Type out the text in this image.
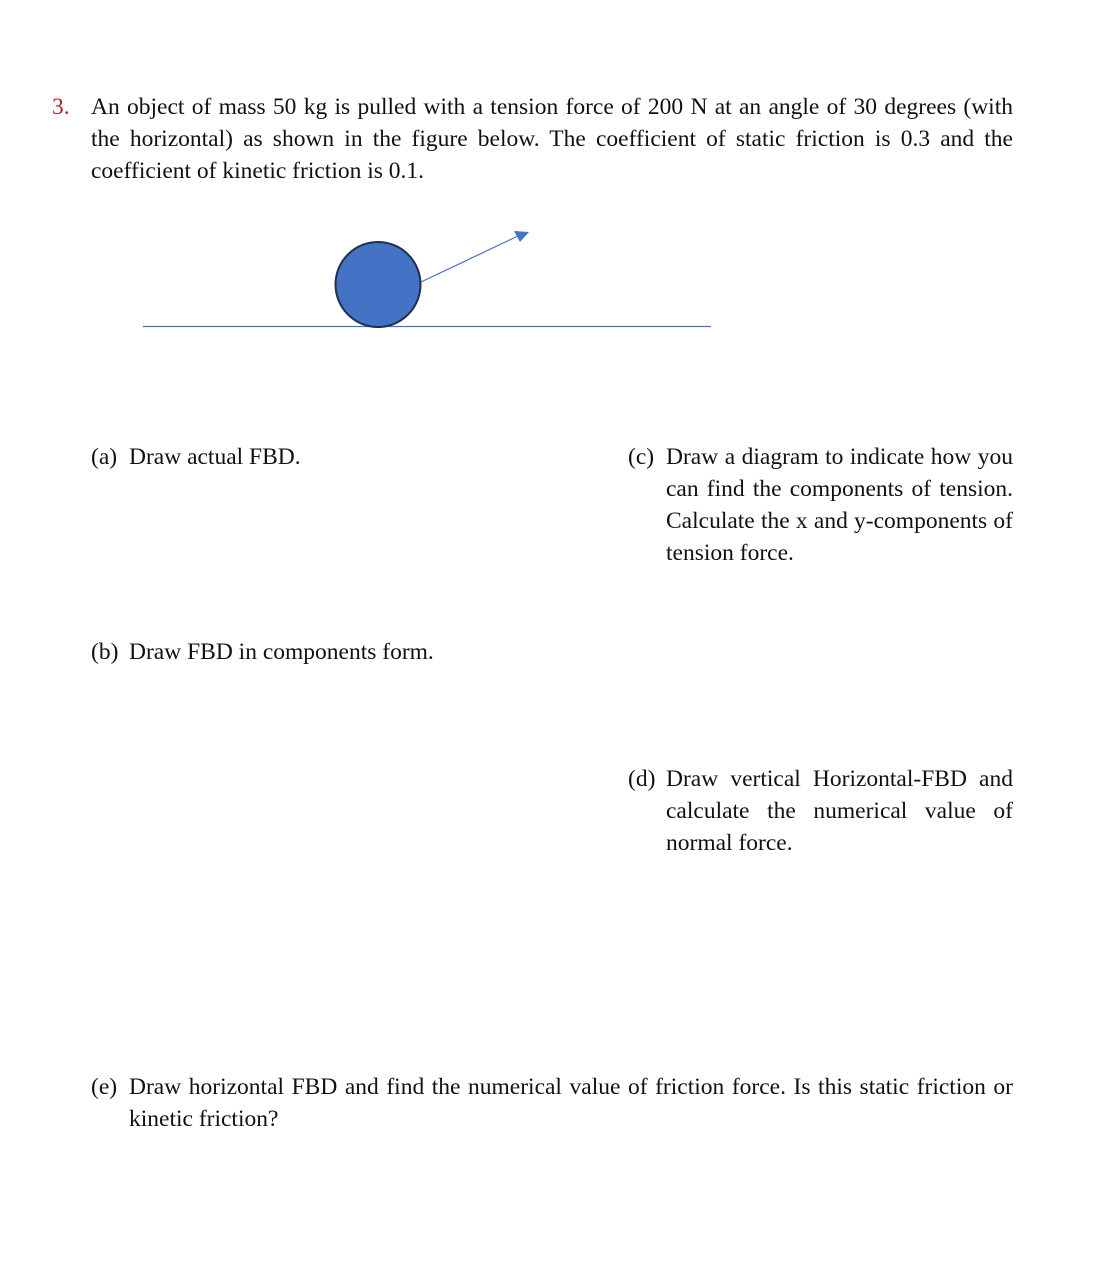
3. An object of mass 50 kg is pulled with a tension force of 200 N at an angle of 30 degrees (with the horizontal) as shown in the figure below. The coefficient of static friction is 0.3 and the coefficient of kinetic friction is 0.1.

(a) Draw actual FBD.
(b) Draw FBD in components form.
(c) Draw a diagram to indicate how you can find the components of tension. Calculate the x and y-components of tension force.
(d) Draw vertical Horizontal-FBD and calculate the numerical value of normal force.
(e) Draw horizontal FBD and find the numerical value of friction force. Is this static friction or kinetic friction?
